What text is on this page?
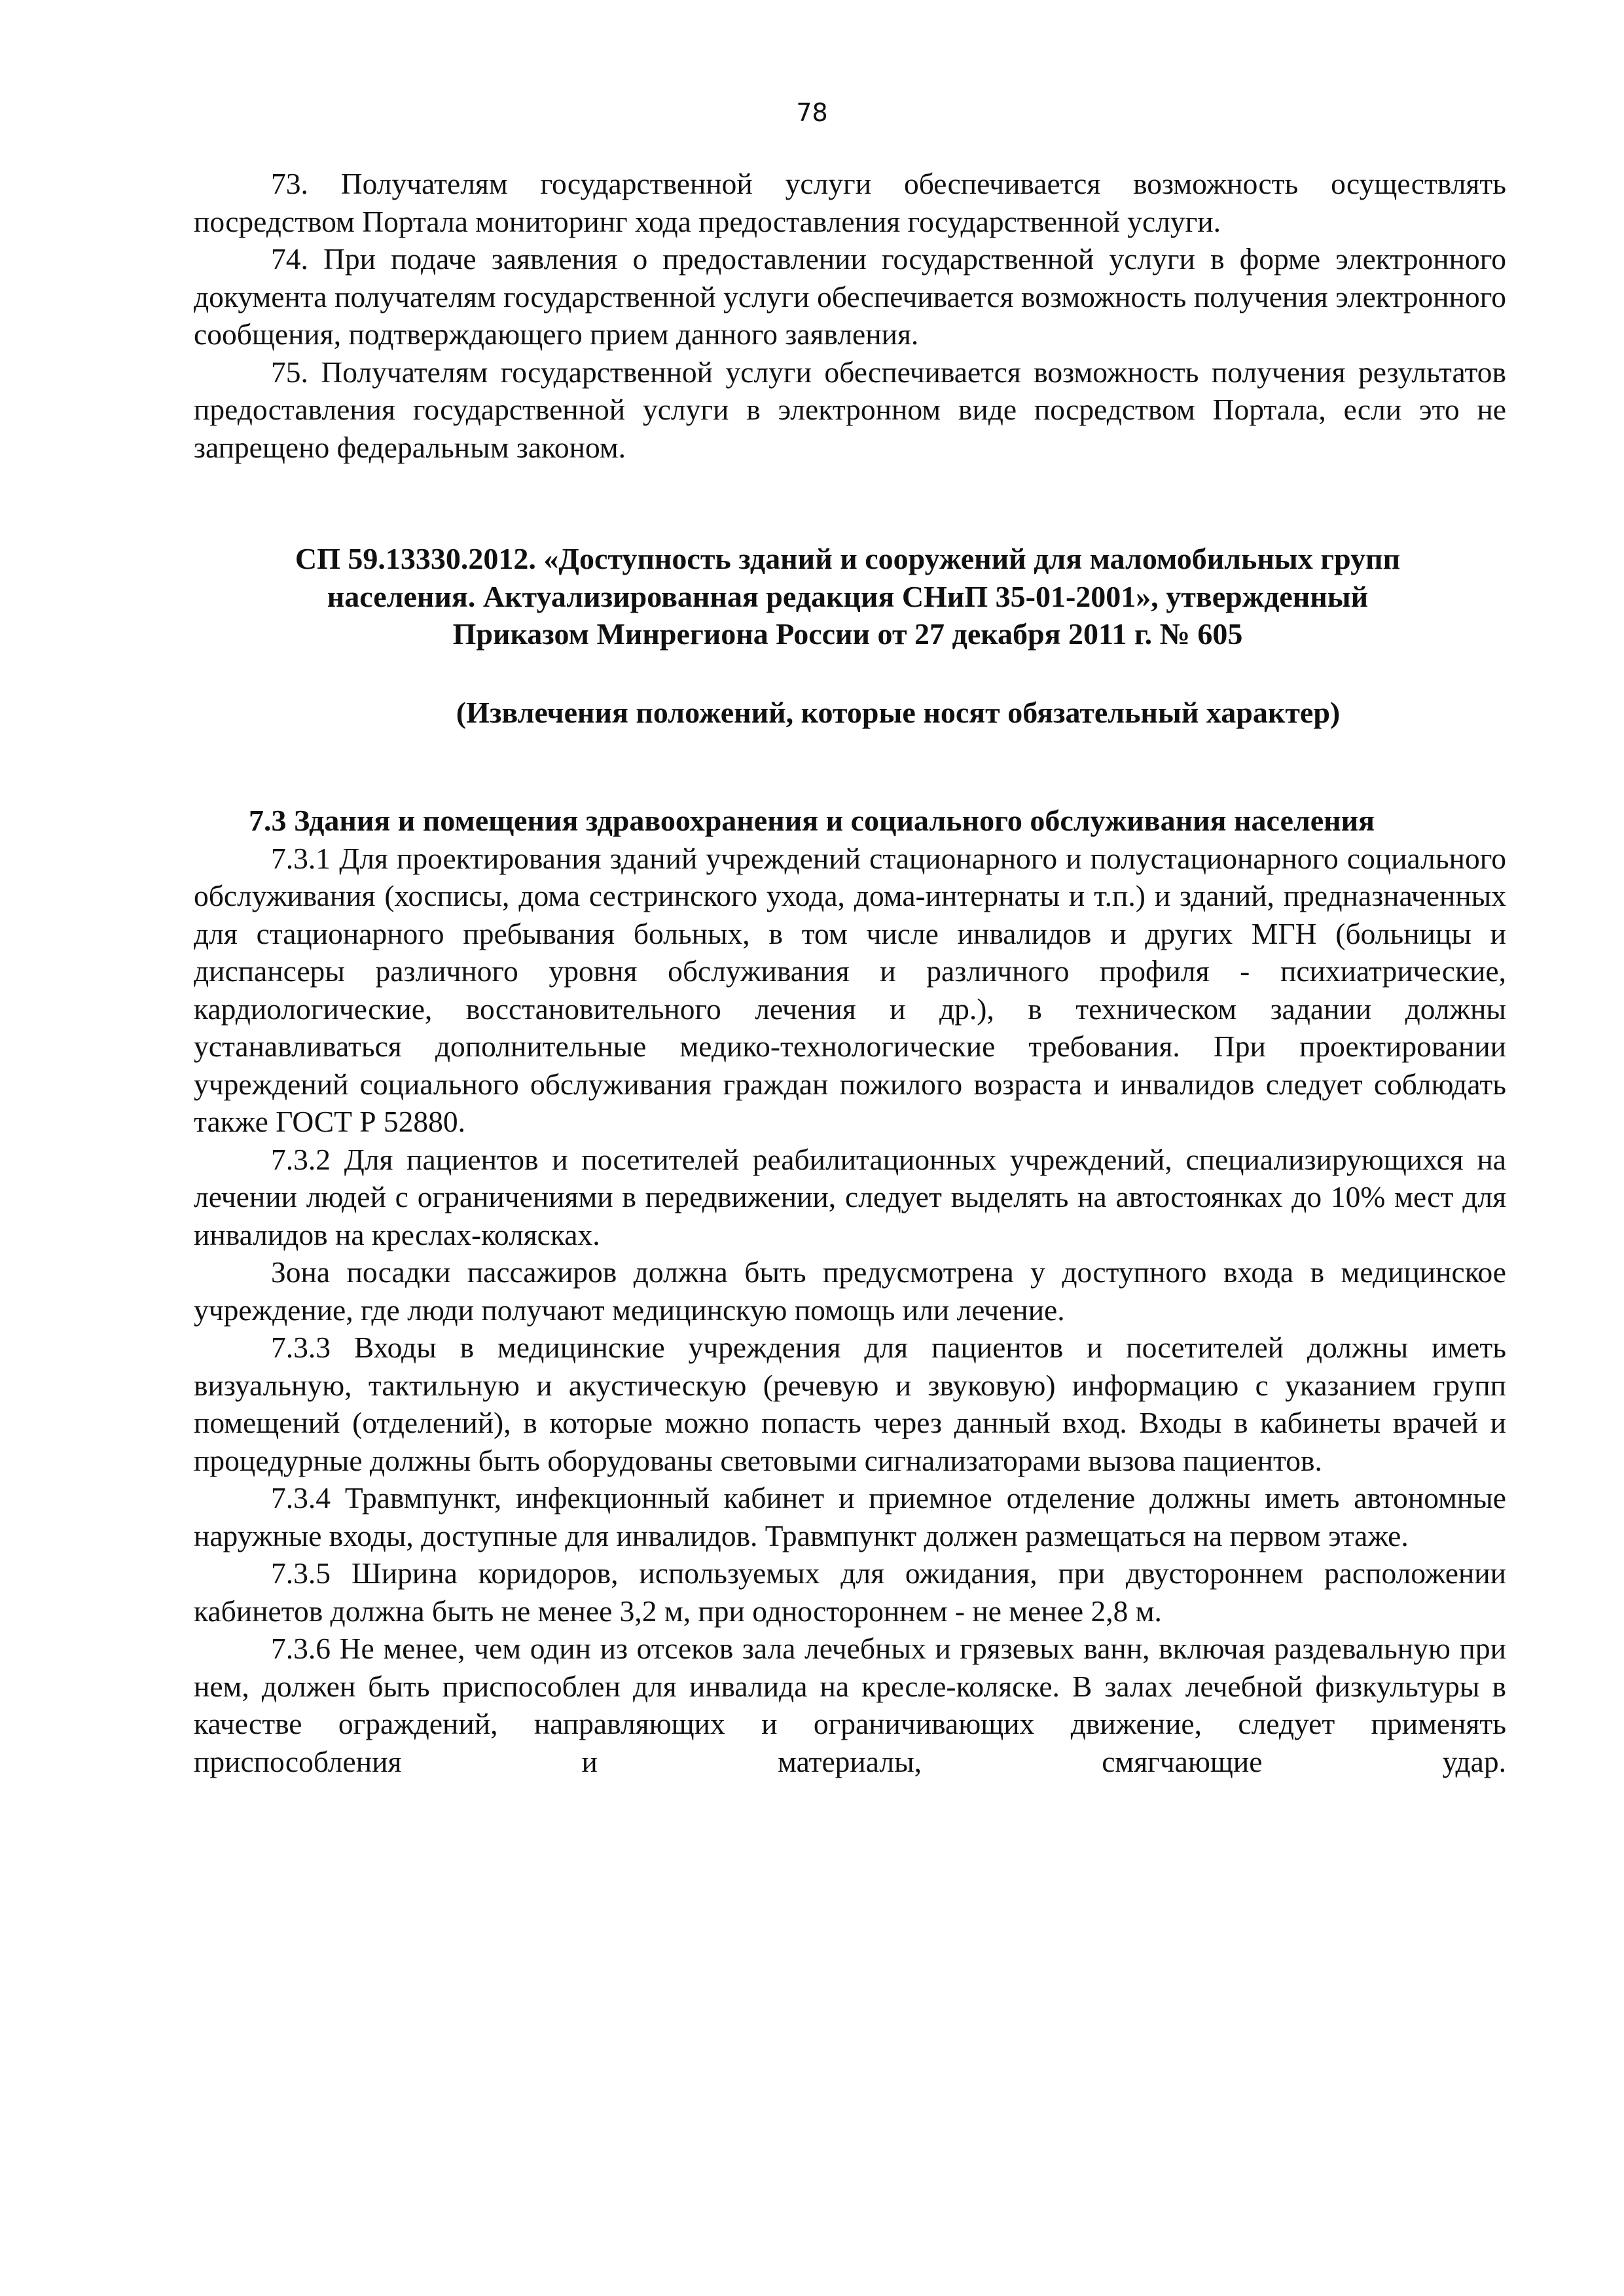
78

73. Получателям государственной услуги обеспечивается возможность осуществлять посредством Портала мониторинг хода предоставления государственной услуги.

74. При подаче заявления о предоставлении государственной услуги в форме электронного документа получателям государственной услуги обеспечивается возможность получения электронного сообщения, подтверждающего прием данного заявления.

75. Получателям государственной услуги обеспечивается возможность получения результатов предоставления государственной услуги в электронном виде посредством Портала, если это не запрещено федеральным законом.

СП 59.13330.2012. «Доступность зданий и сооружений для маломобильных групп
населения. Актуализированная редакция СНиП 35-01-2001», утвержденный
Приказом Минрегиона России от 27 декабря 2011 г. № 605
(Извлечения положений, которые носят обязательный характер)

7.3 Здания и помещения здравоохранения и социального обслуживания населения

7.3.1 Для проектирования зданий учреждений стационарного и полустационарного социального обслуживания (хосписы, дома сестринского ухода, дома-интернаты и т.п.) и зданий, предназначенных для стационарного пребывания больных, в том числе инвалидов и других МГН (больницы и диспансеры различного уровня обслуживания и различного профиля - психиатрические, кардиологические, восстановительного лечения и др.), в техническом задании должны устанавливаться дополнительные медико-технологические требования. При проектировании учреждений социального обслуживания граждан пожилого возраста и инвалидов следует соблюдать также ГОСТ Р 52880.

7.3.2 Для пациентов и посетителей реабилитационных учреждений, специализирующихся на лечении людей с ограничениями в передвижении, следует выделять на автостоянках до 10% мест для инвалидов на креслах-колясках.

Зона посадки пассажиров должна быть предусмотрена у доступного входа в медицинское учреждение, где люди получают медицинскую помощь или лечение.

7.3.3 Входы в медицинские учреждения для пациентов и посетителей должны иметь визуальную, тактильную и акустическую (речевую и звуковую) информацию с указанием групп помещений (отделений), в которые можно попасть через данный вход. Входы в кабинеты врачей и процедурные должны быть оборудованы световыми сигнализаторами вызова пациентов.

7.3.4 Травмпункт, инфекционный кабинет и приемное отделение должны иметь автономные наружные входы, доступные для инвалидов. Травмпункт должен размещаться на первом этаже.

7.3.5 Ширина коридоров, используемых для ожидания, при двустороннем расположении кабинетов должна быть не менее 3,2 м, при одностороннем - не менее 2,8 м.

7.3.6 Не менее, чем один из отсеков зала лечебных и грязевых ванн, включая раздевальную при нем, должен быть приспособлен для инвалида на кресле-коляске. В залах лечебной физкультуры в качестве ограждений, направляющих и ограничивающих движение, следует применять приспособления и материалы, смягчающие удар.
